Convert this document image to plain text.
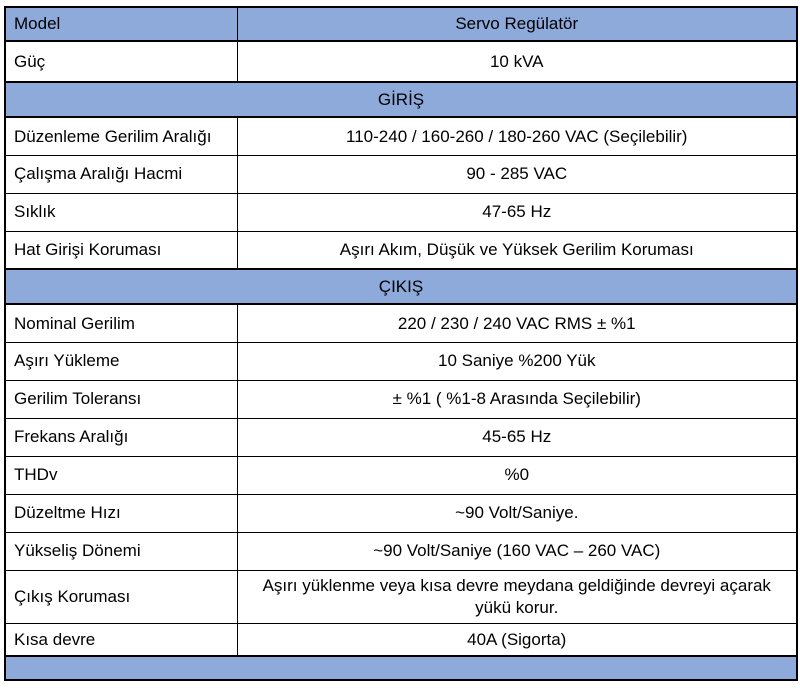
Model	Servo Regülatör
Güç	10 kVA
GİRİŞ	
Düzenleme Gerilim Aralığı	110-240 / 160-260 / 180-260 VAC (Seçilebilir)
Çalışma Aralığı Hacmi	90 - 285 VAC
Sıklık	47-65 Hz
Hat Girişi Koruması	Aşırı Akım, Düşük ve Yüksek Gerilim Koruması
ÇIKIŞ	
Nominal Gerilim	220 / 230 / 240 VAC RMS ± %1
Aşırı Yükleme	10 Saniye %200 Yük
Gerilim Toleransı	± %1 ( %1-8 Arasında Seçilebilir)
Frekans Aralığı	45-65 Hz
THDv	%0
Düzeltme Hızı	~90 Volt/Saniye.
Yükseliş Dönemi	~90 Volt/Saniye (160 VAC – 260 VAC)
Çıkış Koruması	Aşırı yüklenme veya kısa devre meydana geldiğinde devreyi açarak yükü korur.
Kısa devre	40A (Sigorta)
